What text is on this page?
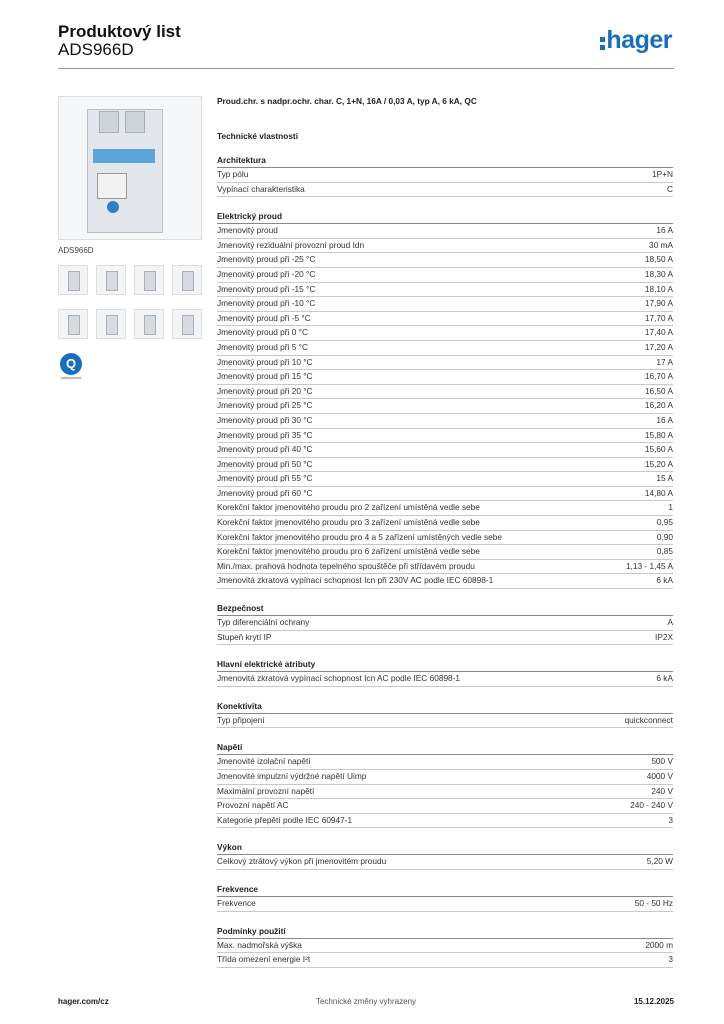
Produktový list
ADS966D	hager
ADS966D
Q
quickconnect
Proud.chr. s nadpr.ochr. char. C, 1+N, 16A / 0,03 A, typ A, 6 kA, QC
Technické vlastnosti
Architektura
Typ pólu	1P+N
Vypínací charakteristika	C
Elektrický proud
Jmenovitý proud	16 A
Jmenovitý reziduální provozní proud Idn	30 mA
Jmenovitý proud při -25 °C	18,50 A
Jmenovitý proud při -20 °C	18,30 A
Jmenovitý proud při -15 °C	18,10 A
Jmenovitý proud při -10 °C	17,90 A
Jmenovitý proud při -5 °C	17,70 A
Jmenovitý proud při 0 °C	17,40 A
Jmenovitý proud při 5 °C	17,20 A
Jmenovitý proud při 10 °C	17 A
Jmenovitý proud při 15 °C	16,70 A
Jmenovitý proud při 20 °C	16,50 A
Jmenovitý proud při 25 °C	16,20 A
Jmenovitý proud při 30 °C	16 A
Jmenovitý proud při 35 °C	15,80 A
Jmenovitý proud při 40 °C	15,60 A
Jmenovitý proud při 50 °C	15,20 A
Jmenovitý proud při 55 °C	15 A
Jmenovitý proud při 60 °C	14,80 A
Korekční faktor jmenovitého proudu pro 2 zařízení umístěná vedle sebe	1
Korekční faktor jmenovitého proudu pro 3 zařízení umístěná vedle sebe	0,95
Korekční faktor jmenovitého proudu pro 4 a 5 zařízení umístěných vedle sebe	0,90
Korekční faktor jmenovitého proudu pro 6 zařízení umístěná vedle sebe	0,85
Min./max. prahová hodnota tepelného spouštěče při střídavém proudu	1,13 - 1,45 A
Jmenovitá zkratová vypínací schopnost Icn při 230V AC podle IEC 60898-1	6 kA
Bezpečnost
Typ diferenciální ochrany	A
Stupeň krytí IP	IP2X
Hlavní elektrické atributy
Jmenovitá zkratová vypínací schopnost Icn AC podle IEC 60898-1	6 kA
Konektivita
Typ připojení	quickconnect
Napětí
Jmenovité izolační napětí	500 V
Jmenovité impulzní výdržné napětí Uimp	4000 V
Maximální provozní napětí	240 V
Provozní napětí AC	240 - 240 V
Kategorie přepětí podle IEC 60947-1	3
Výkon
Celkový ztrátový výkon při jmenovitém proudu	5,20 W
Frekvence
Frekvence	50 - 50 Hz
Podmínky použití
Max. nadmořská výška	2000 m
Třída omezení energie I²t	3
Technické změny vyhrazeny
hager.com/cz	15.12.2025
